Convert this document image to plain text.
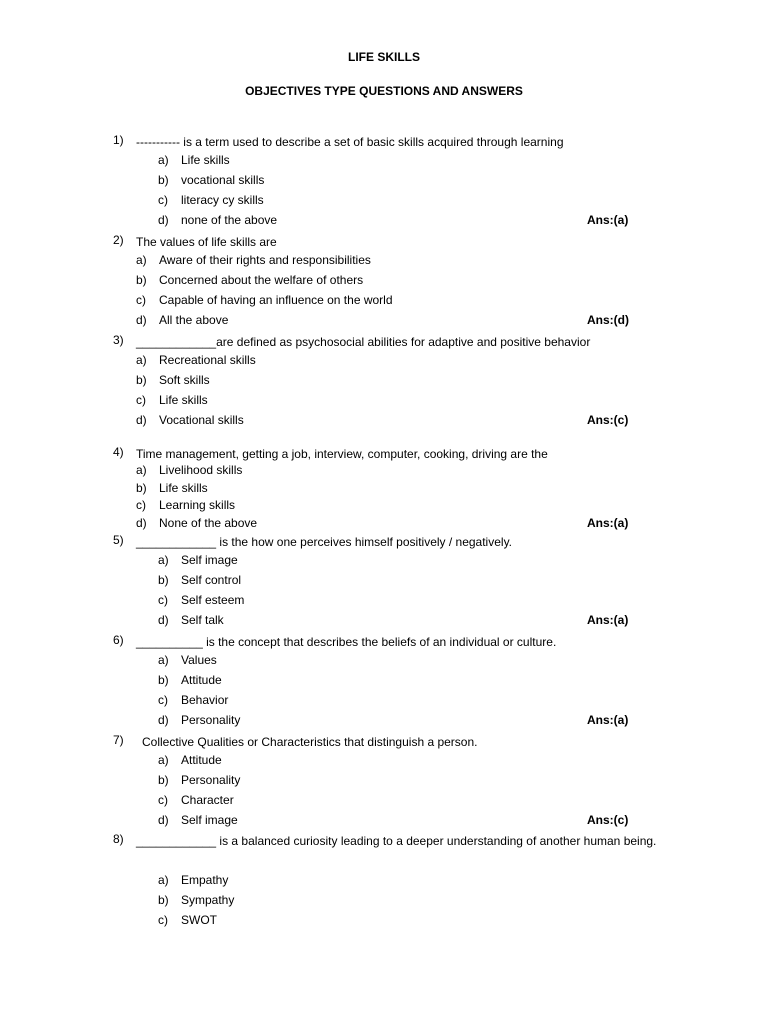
LIFE SKILLS
OBJECTIVES TYPE QUESTIONS AND ANSWERS
1) ----------- is a term used to describe a set of basic skills acquired through learning
a) Life skills
b) vocational skills
c) literacy cy skills
d) none of the above	Ans:(a)
2) The values of life skills are
a) Aware of their rights and responsibilities
b) Concerned about the welfare of others
c) Capable of having an influence on the world
d) All the above	Ans:(d)
3) ____________are defined as psychosocial abilities for adaptive and positive behavior
a) Recreational skills
b) Soft skills
c) Life skills
d) Vocational skills	Ans:(c)
4) Time management, getting a job, interview, computer, cooking, driving are the
a) Livelihood skills
b) Life skills
c) Learning skills
d) None of the above	Ans:(a)
5) ____________ is the how one perceives himself positively / negatively.
a) Self image
b) Self control
c) Self esteem
d) Self talk	Ans:(a)
6) __________ is the concept that describes the beliefs of an individual or culture.
a) Values
b) Attitude
c) Behavior
d) Personality	Ans:(a)
7) Collective Qualities or Characteristics that distinguish a person.
a) Attitude
b) Personality
c) Character
d) Self image	Ans:(c)
8) ____________ is a balanced curiosity leading to a deeper understanding of another human being.
a) Empathy
b) Sympathy
c) SWOT
